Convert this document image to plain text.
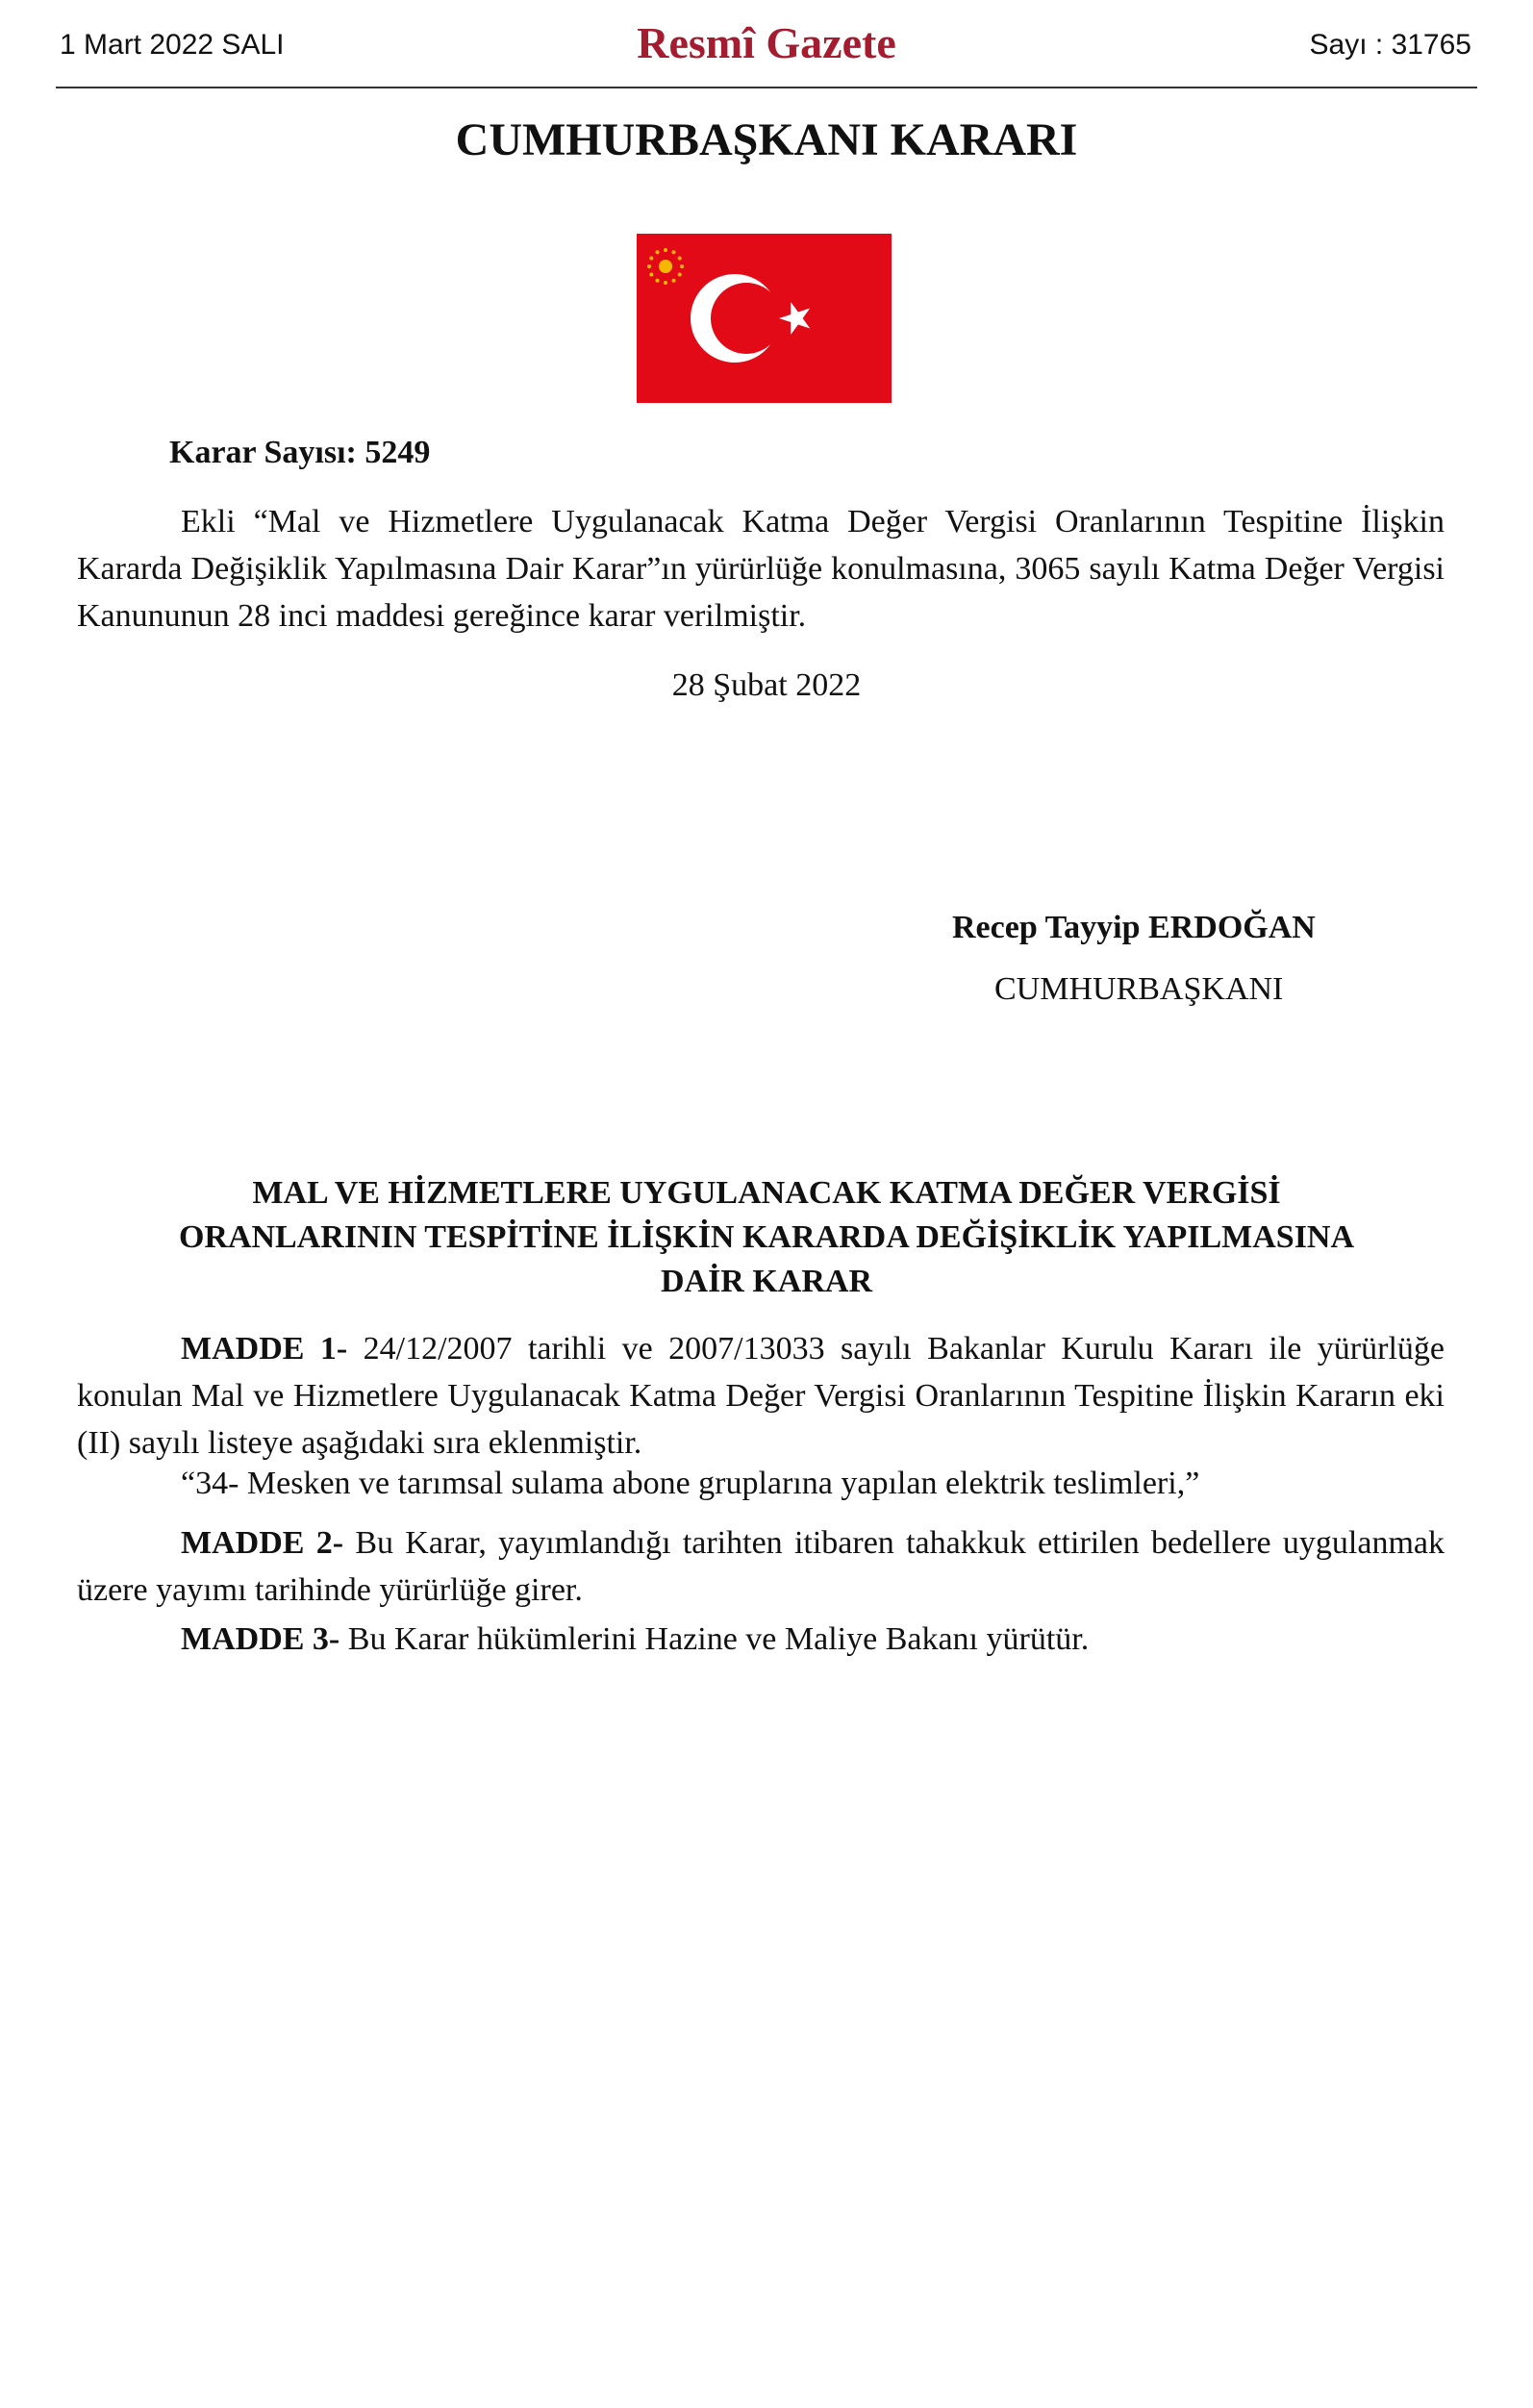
1 Mart 2022 SALI	Resmî Gazete	Sayı : 31765
CUMHURBAŞKANI KARARI
Karar Sayısı: 5249

Ekli “Mal ve Hizmetlere Uygulanacak Katma Değer Vergisi Oranlarının Tespitine İlişkin Kararda Değişiklik Yapılmasına Dair Karar”ın yürürlüğe konulmasına, 3065 sayılı Katma Değer Vergisi Kanununun 28 inci maddesi gereğince karar verilmiştir.

28 Şubat 2022
Recep Tayyip ERDOĞAN
CUMHURBAŞKANI
MAL VE HİZMETLERE UYGULANACAK KATMA DEĞER VERGİSİ
ORANLARININ TESPİTİNE İLİŞKİN KARARDA DEĞİŞİKLİK YAPILMASINA
DAİR KARAR

MADDE 1- 24/12/2007 tarihli ve 2007/13033 sayılı Bakanlar Kurulu Kararı ile yürürlüğe konulan Mal ve Hizmetlere Uygulanacak Katma Değer Vergisi Oranlarının Tespitine İlişkin Kararın eki (II) sayılı listeye aşağıdaki sıra eklenmiştir.

“34- Mesken ve tarımsal sulama abone gruplarına yapılan elektrik teslimleri,”

MADDE 2- Bu Karar, yayımlandığı tarihten itibaren tahakkuk ettirilen bedellere uygulanmak üzere yayımı tarihinde yürürlüğe girer.

MADDE 3- Bu Karar hükümlerini Hazine ve Maliye Bakanı yürütür.
